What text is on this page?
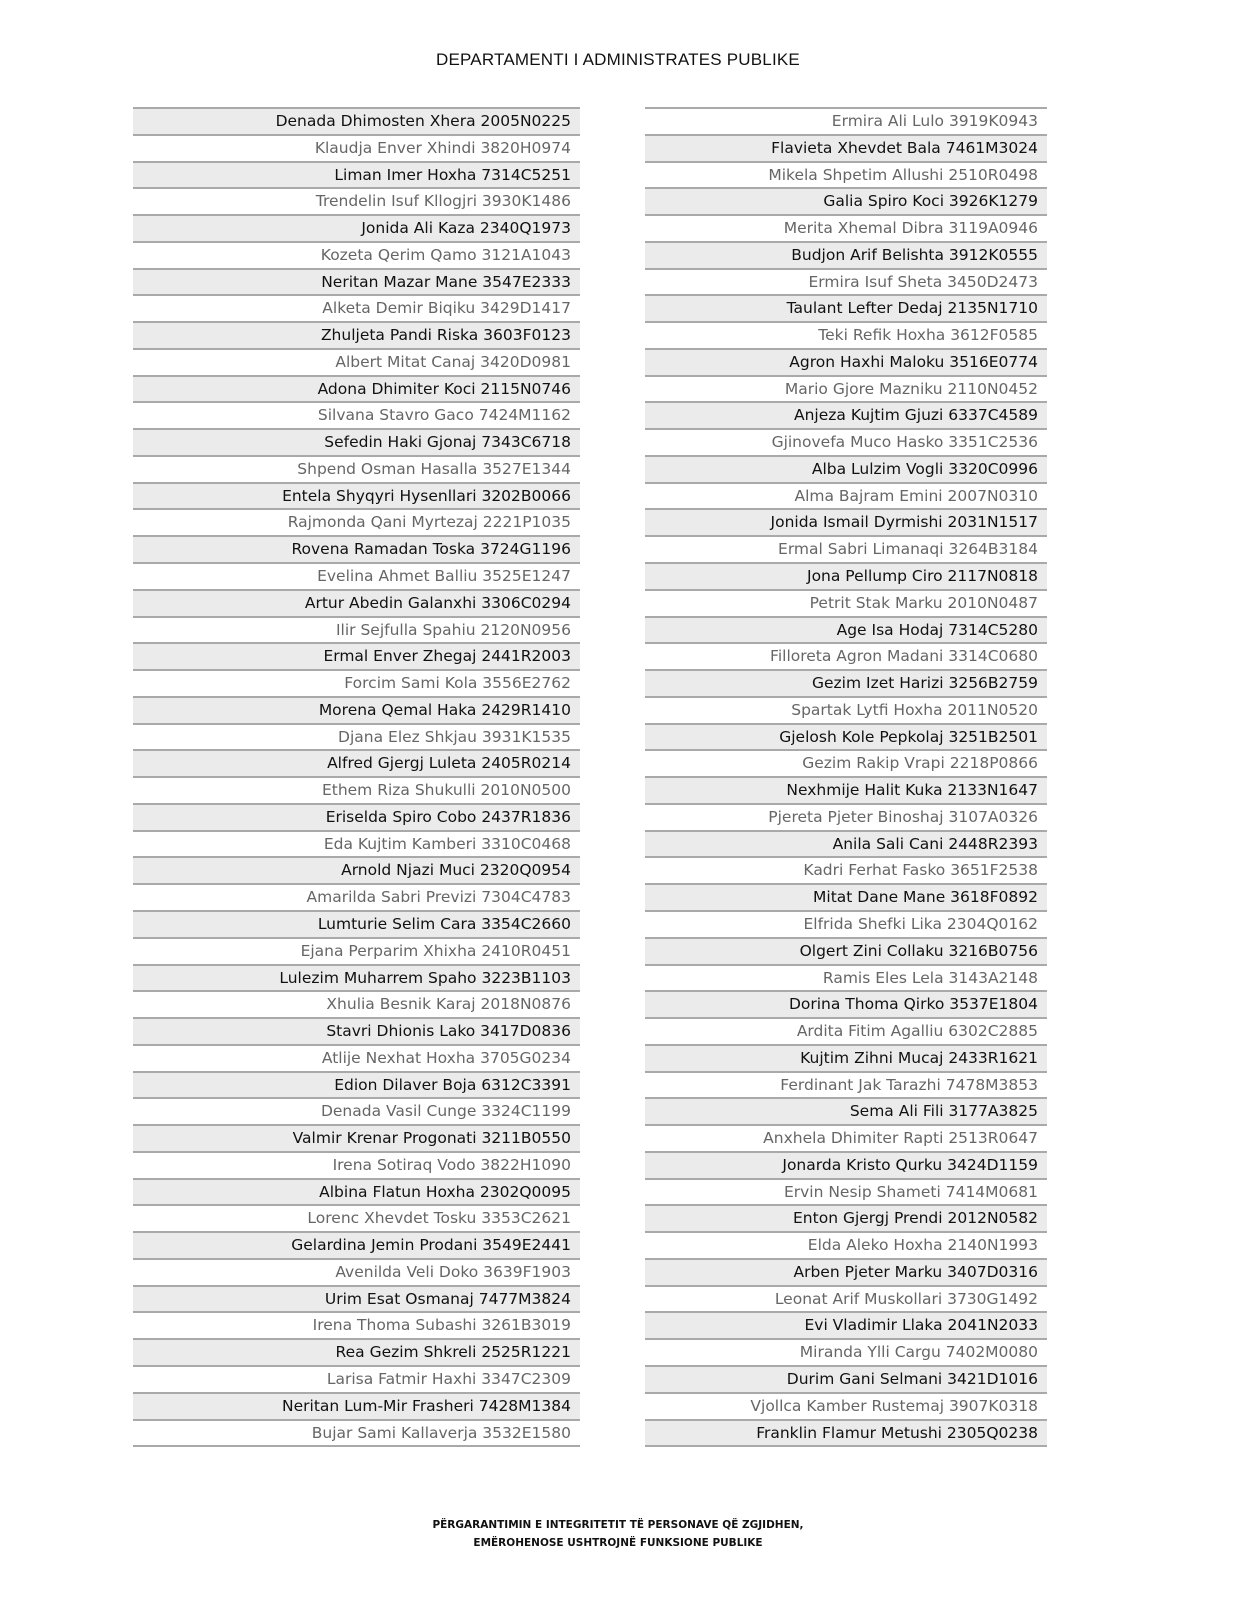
DEPARTAMENTI I ADMINISTRATES PUBLIKE
Denada Dhimosten Xhera 2005N0225
Klaudja Enver Xhindi 3820H0974
Liman Imer Hoxha 7314C5251
Trendelin Isuf Kllogjri 3930K1486
Jonida Ali Kaza 2340Q1973
Kozeta Qerim Qamo 3121A1043
Neritan Mazar Mane 3547E2333
Alketa Demir Biqiku 3429D1417
Zhuljeta Pandi Riska 3603F0123
Albert Mitat Canaj 3420D0981
Adona Dhimiter Koci 2115N0746
Silvana Stavro Gaco 7424M1162
Sefedin Haki Gjonaj 7343C6718
Shpend Osman Hasalla 3527E1344
Entela Shyqyri Hysenllari 3202B0066
Rajmonda Qani Myrtezaj 2221P1035
Rovena Ramadan Toska 3724G1196
Evelina Ahmet Balliu 3525E1247
Artur Abedin Galanxhi 3306C0294
Ilir Sejfulla Spahiu 2120N0956
Ermal Enver Zhegaj 2441R2003
Forcim Sami Kola 3556E2762
Morena Qemal Haka 2429R1410
Djana Elez Shkjau 3931K1535
Alfred Gjergj Luleta 2405R0214
Ethem Riza Shukulli 2010N0500
Eriselda Spiro Cobo 2437R1836
Eda Kujtim Kamberi 3310C0468
Arnold Njazi Muci 2320Q0954
Amarilda Sabri Previzi 7304C4783
Lumturie Selim Cara 3354C2660
Ejana Perparim Xhixha 2410R0451
Lulezim Muharrem Spaho 3223B1103
Xhulia Besnik Karaj 2018N0876
Stavri Dhionis Lako 3417D0836
Atlije Nexhat Hoxha 3705G0234
Edion Dilaver Boja 6312C3391
Denada Vasil Cunge 3324C1199
Valmir Krenar Progonati 3211B0550
Irena Sotiraq Vodo 3822H1090
Albina Flatun Hoxha 2302Q0095
Lorenc Xhevdet Tosku 3353C2621
Gelardina Jemin Prodani 3549E2441
Avenilda Veli Doko 3639F1903
Urim Esat Osmanaj 7477M3824
Irena Thoma Subashi 3261B3019
Rea Gezim Shkreli 2525R1221
Larisa Fatmir Haxhi 3347C2309
Neritan Lum-Mir Frasheri 7428M1384
Bujar Sami Kallaverja 3532E1580
Ermira Ali Lulo 3919K0943
Flavieta Xhevdet Bala 7461M3024
Mikela Shpetim Allushi 2510R0498
Galia Spiro Koci 3926K1279
Merita Xhemal Dibra 3119A0946
Budjon Arif Belishta 3912K0555
Ermira Isuf Sheta 3450D2473
Taulant Lefter Dedaj 2135N1710
Teki Refik Hoxha 3612F0585
Agron Haxhi Maloku 3516E0774
Mario Gjore Mazniku 2110N0452
Anjeza Kujtim Gjuzi 6337C4589
Gjinovefa Muco Hasko 3351C2536
Alba Lulzim Vogli 3320C0996
Alma Bajram Emini 2007N0310
Jonida Ismail Dyrmishi 2031N1517
Ermal Sabri Limanaqi 3264B3184
Jona Pellump Ciro 2117N0818
Petrit Stak Marku 2010N0487
Age Isa Hodaj 7314C5280
Filloreta Agron Madani 3314C0680
Gezim Izet Harizi 3256B2759
Spartak Lytfi Hoxha 2011N0520
Gjelosh Kole Pepkolaj 3251B2501
Gezim Rakip Vrapi 2218P0866
Nexhmije Halit Kuka 2133N1647
Pjereta Pjeter Binoshaj 3107A0326
Anila Sali Cani 2448R2393
Kadri Ferhat Fasko 3651F2538
Mitat Dane Mane 3618F0892
Elfrida Shefki Lika 2304Q0162
Olgert Zini Collaku 3216B0756
Ramis Eles Lela 3143A2148
Dorina Thoma Qirko 3537E1804
Ardita Fitim Agalliu 6302C2885
Kujtim Zihni Mucaj 2433R1621
Ferdinant Jak Tarazhi 7478M3853
Sema Ali Fili 3177A3825
Anxhela Dhimiter Rapti 2513R0647
Jonarda Kristo Qurku 3424D1159
Ervin Nesip Shameti 7414M0681
Enton Gjergj Prendi 2012N0582
Elda Aleko Hoxha 2140N1993
Arben Pjeter Marku 3407D0316
Leonat Arif Muskollari 3730G1492
Evi Vladimir Llaka 2041N2033
Miranda Ylli Cargu 7402M0080
Durim Gani Selmani 3421D1016
Vjollca Kamber Rustemaj 3907K0318
Franklin Flamur Metushi 2305Q0238
PËRGARANTIMIN E INTEGRITETIT TË PERSONAVE QË ZGJIDHEN,
EMËROHENOSE USHTROJNË FUNKSIONE PUBLIKE
